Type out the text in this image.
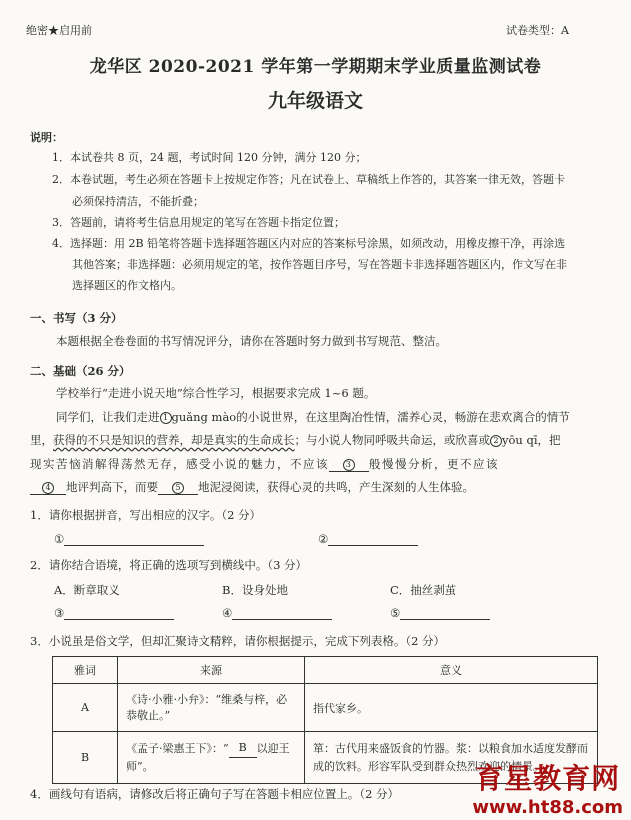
绝密★启用前	试卷类型：A
龙华区 2020-2021 学年第一学期期末学业质量监测试卷
九年级语文
说明：
1．本试卷共 8 页，24 题，考试时间 120 分钟，满分 120 分；
2．本卷试题，考生必须在答题卡上按规定作答；凡在试卷上、草稿纸上作答的，其答案一律无效，答题卡
必须保持清洁，不能折叠；
3．答题前，请将考生信息用规定的笔写在答题卡指定位置；
4．选择题：用 2B 铅笔将答题卡选择题答题区内对应的答案标号涂黑，如须改动，用橡皮擦干净，再涂选
其他答案；非选择题：必须用规定的笔，按作答题目序号，写在答题卡非选择题答题区内，作文写在非
选择题区的作文格内。
一、书写（3 分）
本题根据全卷卷面的书写情况评分，请你在答题时努力做到书写规范、整洁。
二、基础（26 分）
学校举行“走进小说天地”综合性学习，根据要求完成 1~6 题。
同学们，让我们走进 1 guǎng mào的小说世界，在这里陶冶性情，濡养心灵，畅游在悲欢离合的情节
里，获得的不只是知识的营养，却是真实的生命成长；与小说人物同呼吸共命运，或欣喜或 2 yōu qī，把
现实苦恼消解得荡然无存，感受小说的魅力，不应该 3 般慢慢分析，更不应该
4 地评判高下，而要 5 地泥浸阅读，获得心灵的共鸣，产生深刻的人生体验。
1．请你根据拼音，写出相应的汉字。（2 分）
①	②
2．请你结合语境，将正确的选项写到横线中。（3 分）
A．断章取义	B．设身处地	C．抽丝剥茧
③	④	⑤
3．小说虽是俗文学，但却汇聚诗文精粹，请你根据提示，完成下列表格。（2 分）
雅词	来源	意义
A	《诗·小雅·小弁》：“维桑与梓，必恭敬止。”	指代家乡。
B	《孟子·梁惠王下》：“ B 以迎王师”。	箪：古代用来盛饭食的竹器。浆：以粮食加水适度发酵而成的饮料。形容军队受到群众热烈欢迎的情景。
4．画线句有语病，请修改后将正确句子写在答题卡相应位置上。（2 分）	育星教育网
www.ht88.com
